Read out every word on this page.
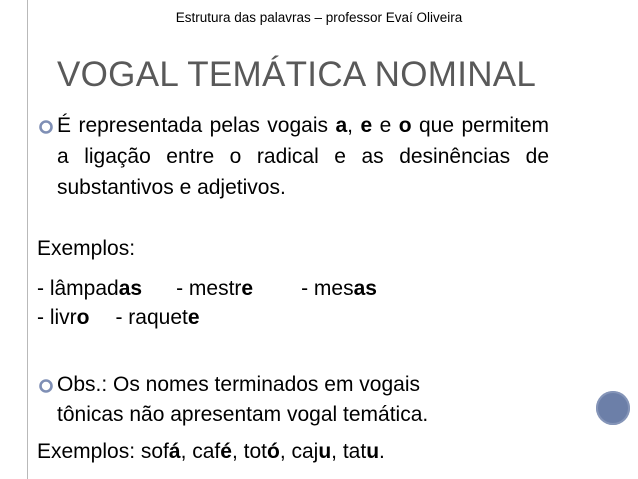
Estrutura das palavras – professor Evaí Oliveira
VOGAL TEMÁTICA NOMINAL
É representada pelas vogais a, e e o que permitem a ligação entre o radical e as desinências de substantivos e adjetivos.
Exemplos:
- lâmpadas - mestre - mesas
- livro - raquete
Obs.: Os nomes terminados em vogais
tônicas não apresentam vogal temática.
Exemplos: sofá, café, totó, caju, tatu.
